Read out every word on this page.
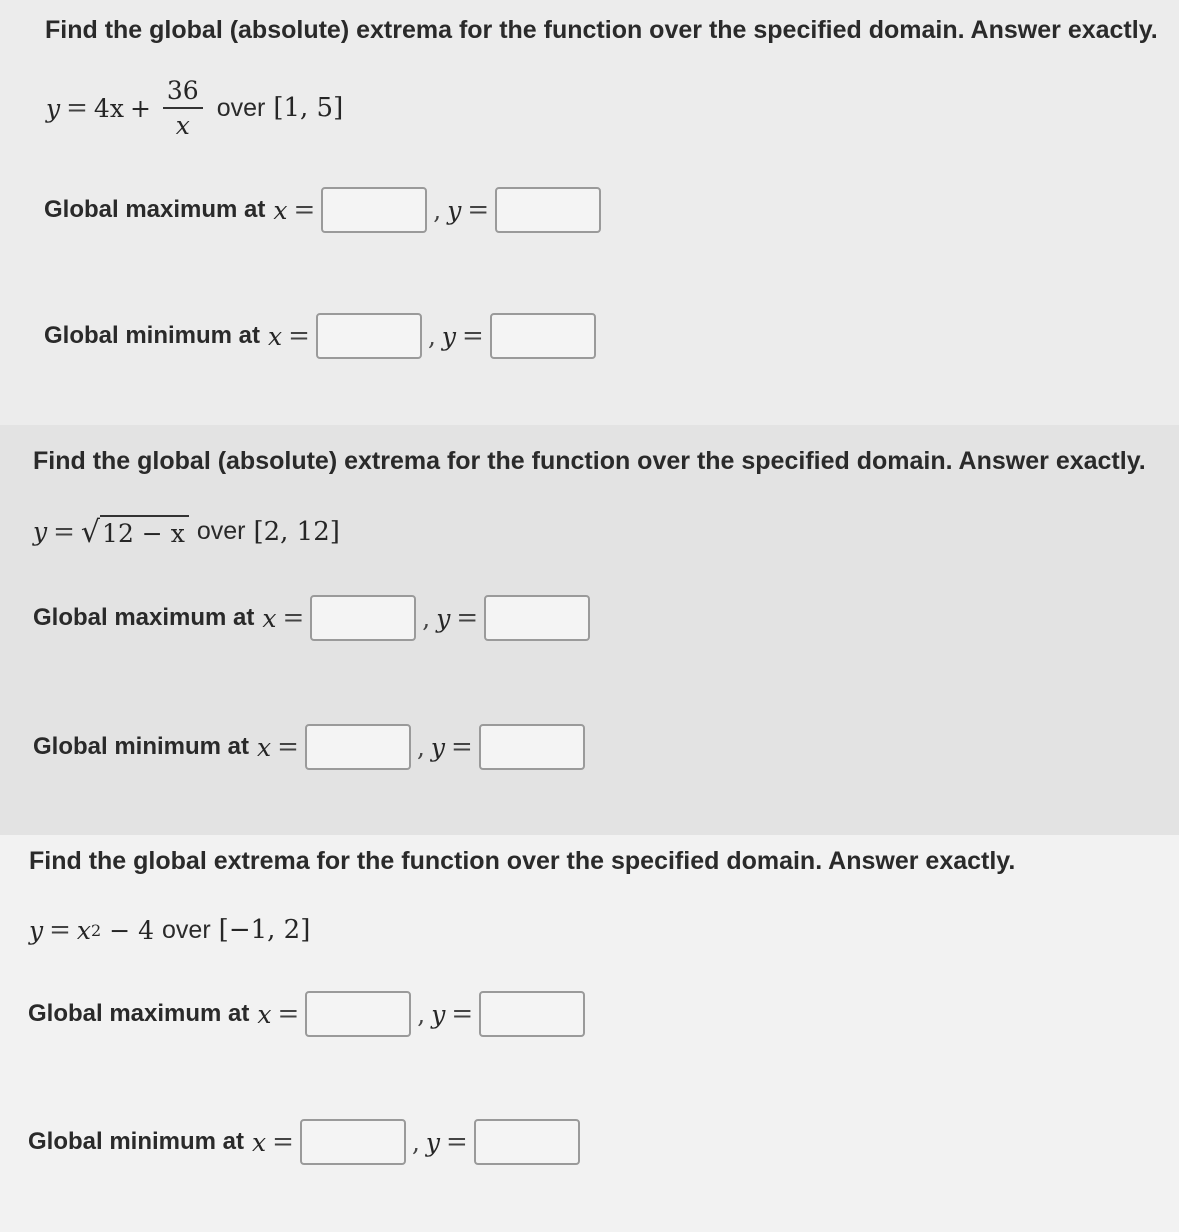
Find the global (absolute) extrema for the function over the specified domain. Answer exactly.
$y = 4x + \frac{36}{x}$ over [1, 5]
Global maximum at x =	, y =
Global minimum at x =	, y =
Find the global (absolute) extrema for the function over the specified domain. Answer exactly.
y = √ 12 − x over [2, 12]
Global maximum at x =	, y =
Global minimum at x =	, y =
Find the global extrema for the function over the specified domain. Answer exactly.
y = x 2 − 4 over [−1, 2]
Global maximum at x =	, y =
Global minimum at x =	, y =
